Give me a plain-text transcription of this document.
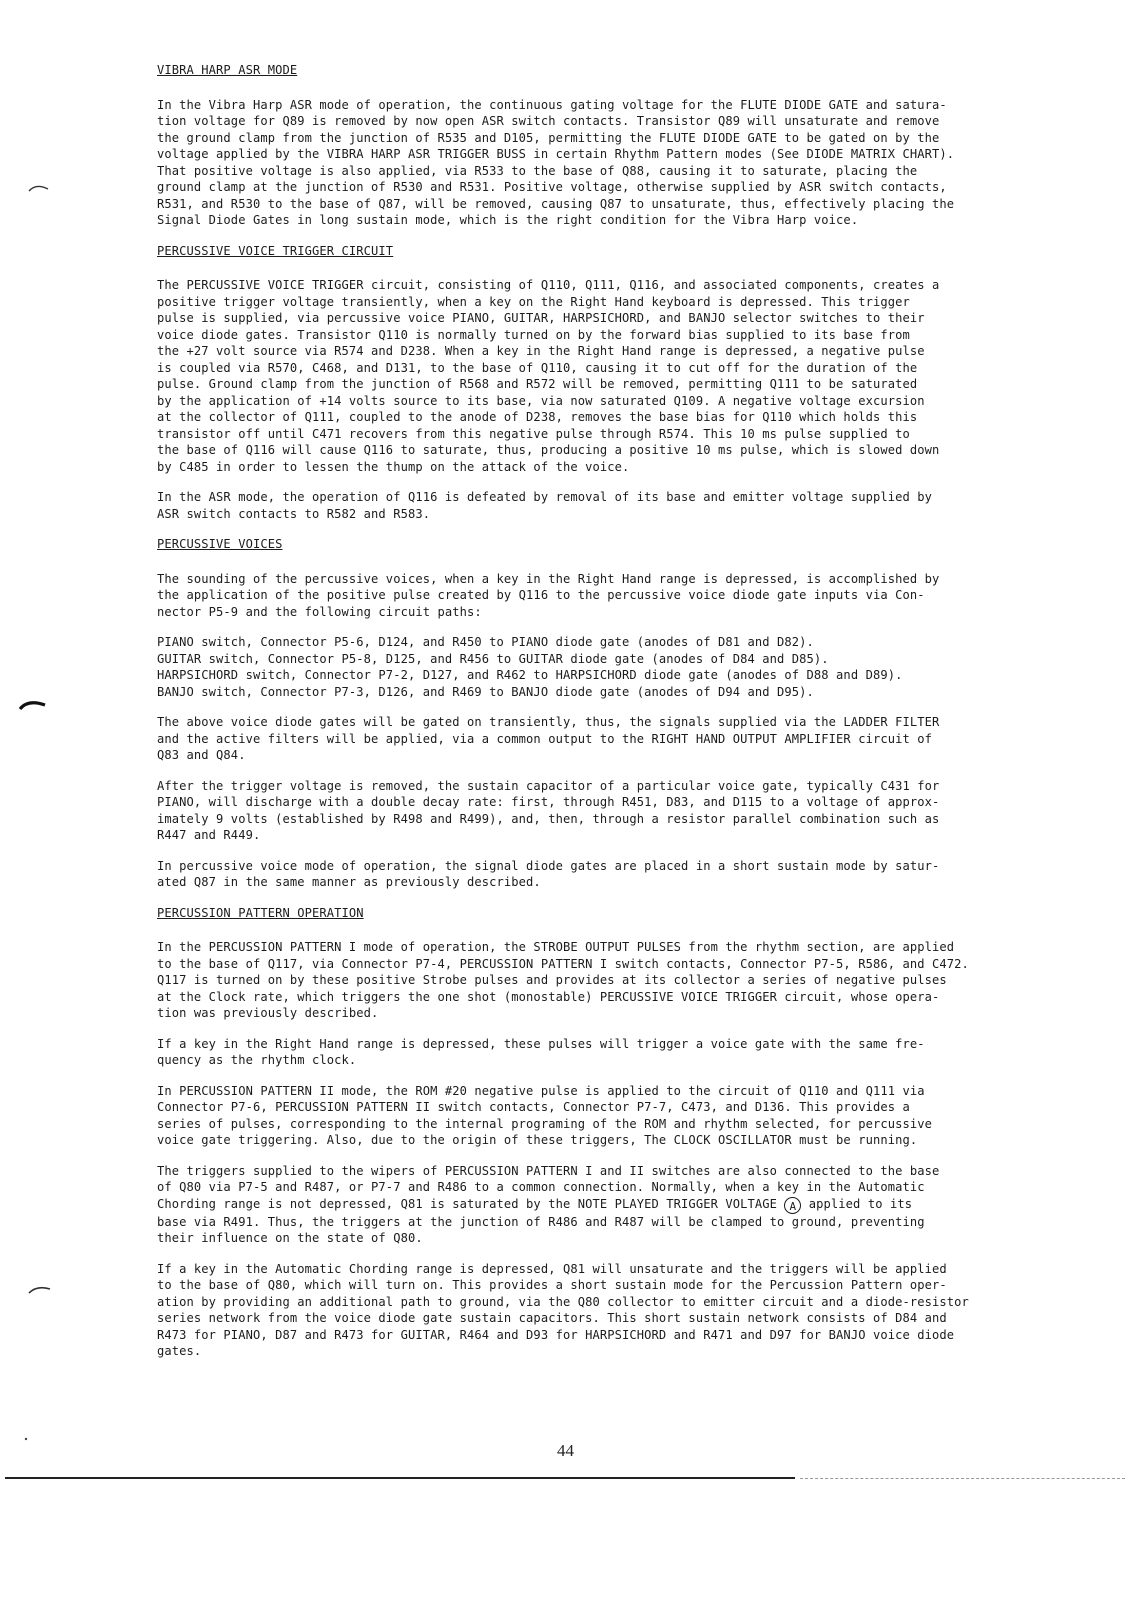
VIBRA HARP ASR MODE
In the Vibra Harp ASR mode of operation, the continuous gating voltage for the FLUTE DIODE GATE and satura-
tion voltage for Q89 is removed by now open ASR switch contacts. Transistor Q89 will unsaturate and remove
the ground clamp from the junction of R535 and D105, permitting the FLUTE DIODE GATE to be gated on by the
voltage applied by the VIBRA HARP ASR TRIGGER BUSS in certain Rhythm Pattern modes (See DIODE MATRIX CHART).
That positive voltage is also applied, via R533 to the base of Q88, causing it to saturate, placing the
ground clamp at the junction of R530 and R531. Positive voltage, otherwise supplied by ASR switch contacts,
R531, and R530 to the base of Q87, will be removed, causing Q87 to unsaturate, thus, effectively placing the
Signal Diode Gates in long sustain mode, which is the right condition for the Vibra Harp voice.
PERCUSSIVE VOICE TRIGGER CIRCUIT
The PERCUSSIVE VOICE TRIGGER circuit, consisting of Q110, Q111, Q116, and associated components, creates a
positive trigger voltage transiently, when a key on the Right Hand keyboard is depressed. This trigger
pulse is supplied, via percussive voice PIANO, GUITAR, HARPSICHORD, and BANJO selector switches to their
voice diode gates. Transistor Q110 is normally turned on by the forward bias supplied to its base from
the +27 volt source via R574 and D238. When a key in the Right Hand range is depressed, a negative pulse
is coupled via R570, C468, and D131, to the base of Q110, causing it to cut off for the duration of the
pulse. Ground clamp from the junction of R568 and R572 will be removed, permitting Q111 to be saturated
by the application of +14 volts source to its base, via now saturated Q109. A negative voltage excursion
at the collector of Q111, coupled to the anode of D238, removes the base bias for Q110 which holds this
transistor off until C471 recovers from this negative pulse through R574. This 10 ms pulse supplied to
the base of Q116 will cause Q116 to saturate, thus, producing a positive 10 ms pulse, which is slowed down
by C485 in order to lessen the thump on the attack of the voice.
In the ASR mode, the operation of Q116 is defeated by removal of its base and emitter voltage supplied by
ASR switch contacts to R582 and R583.
PERCUSSIVE VOICES
The sounding of the percussive voices, when a key in the Right Hand range is depressed, is accomplished by
the application of the positive pulse created by Q116 to the percussive voice diode gate inputs via Con-
nector P5-9 and the following circuit paths:
PIANO switch, Connector P5-6, D124, and R450 to PIANO diode gate (anodes of D81 and D82).
GUITAR switch, Connector P5-8, D125, and R456 to GUITAR diode gate (anodes of D84 and D85).
HARPSICHORD switch, Connector P7-2, D127, and R462 to HARPSICHORD diode gate (anodes of D88 and D89).
BANJO switch, Connector P7-3, D126, and R469 to BANJO diode gate (anodes of D94 and D95).
The above voice diode gates will be gated on transiently, thus, the signals supplied via the LADDER FILTER
and the active filters will be applied, via a common output to the RIGHT HAND OUTPUT AMPLIFIER circuit of
Q83 and Q84.
After the trigger voltage is removed, the sustain capacitor of a particular voice gate, typically C431 for
PIANO, will discharge with a double decay rate: first, through R451, D83, and D115 to a voltage of approx-
imately 9 volts (established by R498 and R499), and, then, through a resistor parallel combination such as
R447 and R449.
In percussive voice mode of operation, the signal diode gates are placed in a short sustain mode by satur-
ated Q87 in the same manner as previously described.
PERCUSSION PATTERN OPERATION
In the PERCUSSION PATTERN I mode of operation, the STROBE OUTPUT PULSES from the rhythm section, are applied
to the base of Q117, via Connector P7-4, PERCUSSION PATTERN I switch contacts, Connector P7-5, R586, and C472.
Q117 is turned on by these positive Strobe pulses and provides at its collector a series of negative pulses
at the Clock rate, which triggers the one shot (monostable) PERCUSSIVE VOICE TRIGGER circuit, whose opera-
tion was previously described.
If a key in the Right Hand range is depressed, these pulses will trigger a voice gate with the same fre-
quency as the rhythm clock.
In PERCUSSION PATTERN II mode, the ROM #20 negative pulse is applied to the circuit of Q110 and Q111 via
Connector P7-6, PERCUSSION PATTERN II switch contacts, Connector P7-7, C473, and D136. This provides a
series of pulses, corresponding to the internal programing of the ROM and rhythm selected, for percussive
voice gate triggering. Also, due to the origin of these triggers, The CLOCK OSCILLATOR must be running.
The triggers supplied to the wipers of PERCUSSION PATTERN I and II switches are also connected to the base
of Q80 via P7-5 and R487, or P7-7 and R486 to a common connection. Normally, when a key in the Automatic
Chording range is not depressed, Q81 is saturated by the NOTE PLAYED TRIGGER VOLTAGE A applied to its
base via R491. Thus, the triggers at the junction of R486 and R487 will be clamped to ground, preventing
their influence on the state of Q80.
If a key in the Automatic Chording range is depressed, Q81 will unsaturate and the triggers will be applied
to the base of Q80, which will turn on. This provides a short sustain mode for the Percussion Pattern oper-
ation by providing an additional path to ground, via the Q80 collector to emitter circuit and a diode-resistor
series network from the voice diode gate sustain capacitors. This short sustain network consists of D84 and
R473 for PIANO, D87 and R473 for GUITAR, R464 and D93 for HARPSICHORD and R471 and D97 for BANJO voice diode
gates.
44
